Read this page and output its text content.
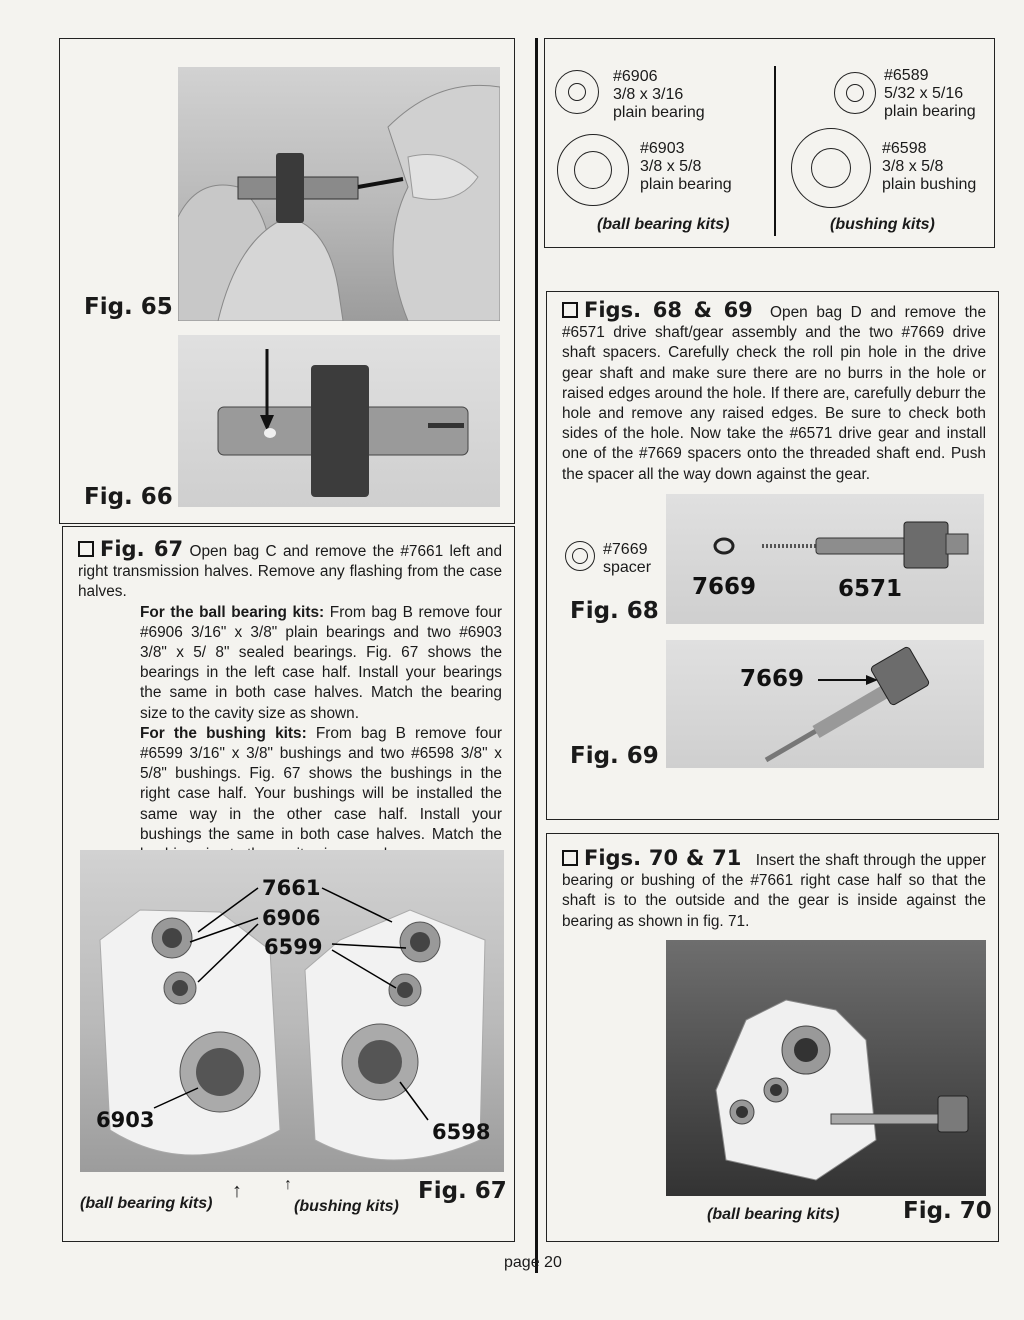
Fig. 65
Fig. 66

Fig. 67 Open bag C and remove the #7661 left and right transmission halves. Remove any flashing from the case halves.

For the ball bearing kits: From bag B remove four #6906 3/16" x 3/8" plain bearings and two #6903 3/8" x 5/ 8" sealed bearings. Fig. 67 shows the bearings in the left case half. Install your bearings the same in both case halves. Match the bearing size to the cavity size as shown.

For the bushing kits: From bag B remove four #6599 3/16" x 3/8" bushings and two #6598 3/8" x 5/8" bushings. Fig. 67 shows the bushings in the right case half. Your bushings will be installed the same way in the other case half. Install your bushings the same in both case halves. Match the

7661
6906
6599
6903	6598
(ball bearing kits)
↑	↑
(bushing kits)
Fig. 67
#6906
3/8 x 3/16
plain bearing
#6903
3/8 x 5/8
plain bearing
(ball bearing kits)
#6589
5/32 x 5/16
plain bearing
#6598
3/8 x 5/8
plain bushing
(bushing kits)

Figs. 68 & 69 Open bag D and remove the #6571 drive shaft/gear assembly and the two #7669 drive shaft spacers. Carefully check the roll pin hole in the drive gear shaft and make sure there are no burrs in the hole or raised edges around the hole. If there are, carefully deburr the hole and remove any raised edges. Be sure to check both sides of the hole. Now take the #6571 drive gear and install one of the #7669 spacers onto the threaded shaft end. Push the spacer all the way down against the gear.

#7669
spacer
Fig. 68
7669	6571
7669
Fig. 69

Figs. 70 & 71 Insert the shaft through the upper bearing or bushing of the #7661 right case half so that the shaft is to the outside and the gear is inside against the bearing as shown in fig. 71.

(ball bearing kits)	Fig. 70
page 20
